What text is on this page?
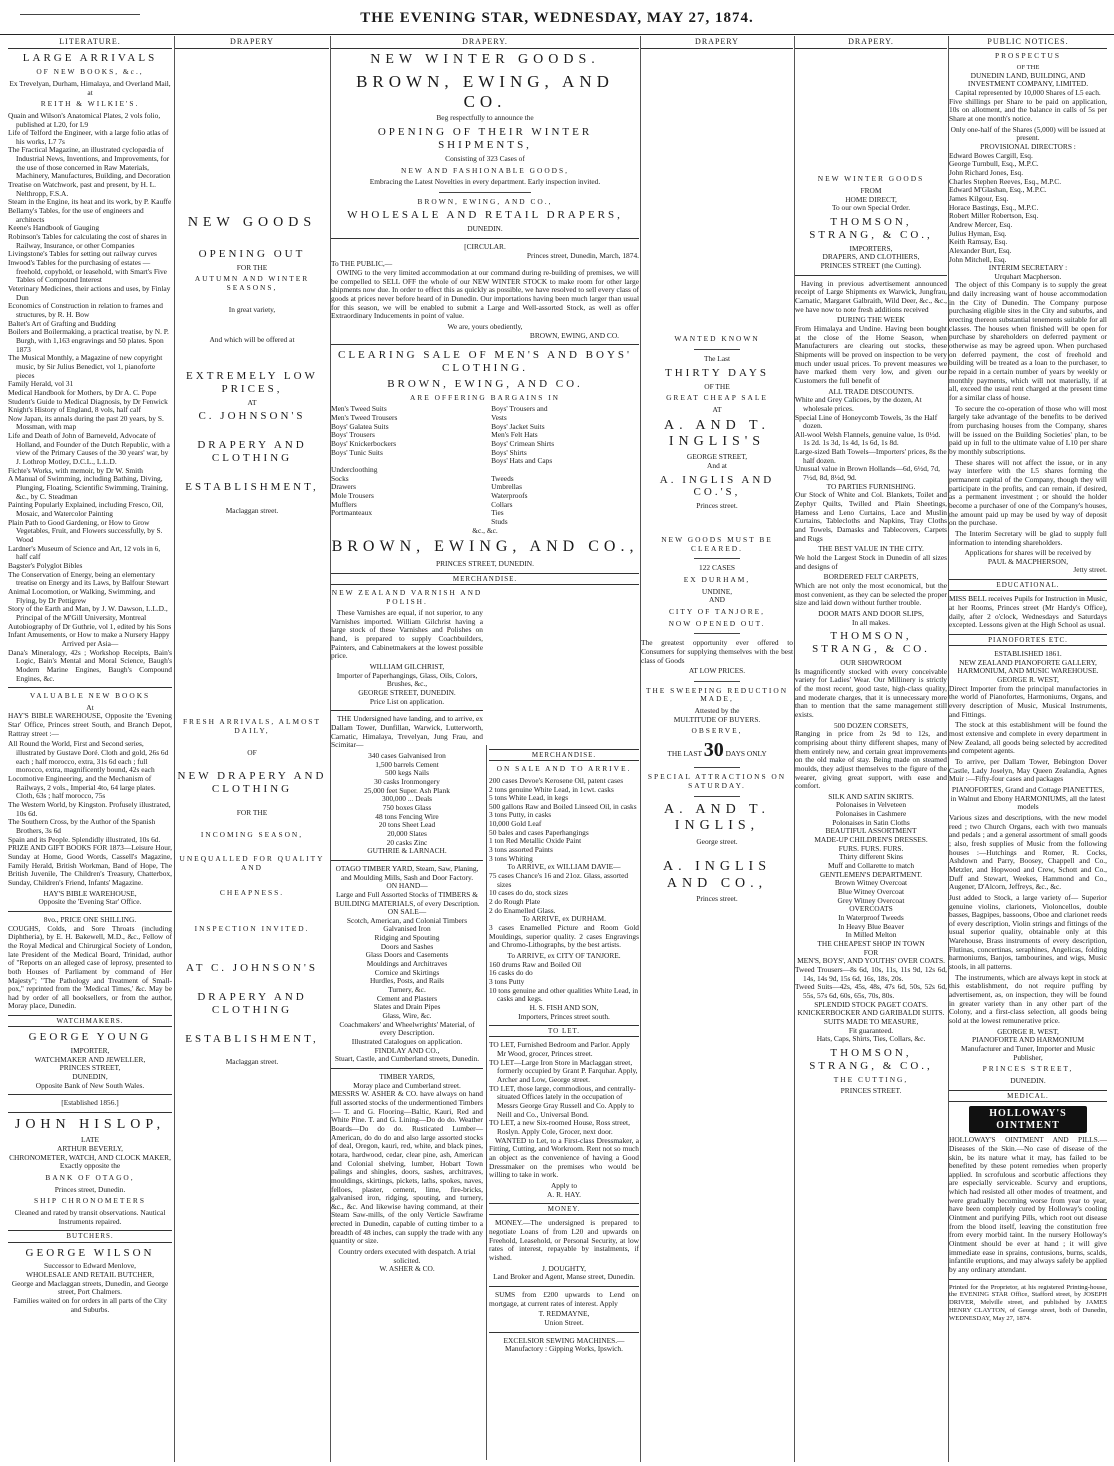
THE EVENING STAR, WEDNESDAY, MAY 27, 1874.
LITERATURE.
LARGE ARRIVALS
OF NEW BOOKS, &c.,
Ex Trevelyan, Durham, Himalaya, and Overland Mail, at
REITH & WILKIE'S.
Quain and Wilson's Anatomical Plates, 2 vols folio, published at L20, for L9
Life of Telford the Engineer, with a large folio atlas of his works, L7 7s
The Fractical Magazine, an illustrated cyclopædia of Industrial News, Inventions, and Improvements, for the use of those concerned in Raw Materials, Machinery, Manufactures, Building, and Decoration
Treatise on Watchwork, past and present, by H. L. Nelthropp, F.S.A.
Steam in the Engine, its heat and its work, by P. Kauffe
Bellamy's Tables, for the use of engineers and architects
Keene's Handbook of Gauging
Robinson's Tables for calculating the cost of shares in Railway, Insurance, or other Companies
Livingstone's Tables for setting out railway curves
Inwood's Tables for the purchasing of estates —freehold, copyhold, or leasehold, with Smart's Five Tables of Compound Interest
Veterinary Medicines, their actions and uses, by Finlay Dun
Economics of Construction in relation to frames and structures, by R. H. Bow
Baltet's Art of Grafting and Budding
Boilers and Boilermaking, a practical treatise, by N. P. Burgh, with 1,163 engravings and 50 plates. Spon 1873
The Musical Monthly, a Magazine of new copyright music, by Sir Julius Benedict, vol 1, pianoforte pieces
Family Herald, vol 31
Medical Handbook for Mothers, by Dr A. C. Pope
Student's Guide to Medical Diagnosis, by Dr Fenwick
Knight's History of England, 8 vols, half calf
Now Japan, its annals during the past 20 years, by S. Mossman, with map
Life and Death of John of Barneveld, Advocate of Holland, and Founder of the Dutch Republic, with a view of the Primary Causes of the 30 years' war, by J. Lothrop Motley, D.C.L., L.L.D.
Fichte's Works, with memoir, by Dr W. Smith
A Manual of Swimming, including Bathing, Diving, Plunging, Floating, Scientific Swimming, Training, &c., by C. Steadman
Painting Popularly Explained, including Fresco, Oil, Mosaic, and Watercolor Painting
Plain Path to Good Gardening, or How to Grow Vegetables, Fruit, and Flowers successfully, by S. Wood
Lardner's Museum of Science and Art, 12 vols in 6, half calf
Bagster's Polyglot Bibles
The Conservation of Energy, being an elementary treatise on Energy and its Laws, by Balfour Stewart
Animal Locomotion, or Walking, Swimming, and Flying, by Dr Pettigrew
Story of the Earth and Man, by J. W. Dawson, L.L.D., Principal of the M'Gill University, Montreal
Autobiography of Dr Guthrie, vol 1, edited by his Sons
Infant Amusements, or How to make a Nursery Happy
Arrived per Asia—

Dana's Mineralogy, 42s ; Workshop Receipts, Bain's Logic, Bain's Mental and Moral Science, Baugh's Modern Marine Engines, Baugh's Compound Engines, &c.

VALUABLE NEW BOOKS
At

HAY'S BIBLE WAREHOUSE, Opposite the 'Evening Star' Office, Princes street South, and Branch Depot, Rattray street :—

All Round the World, First and Second series, illustrated by Gustave Doré. Cloth and gold, 26s 6d each ; half morocco, extra, 31s 6d each ; full morocco, extra, magnificently bound, 42s each
Locomotive Engineering, and the Mechanism of Railways, 2 vols., Imperial 4to, 64 large plates. Cloth, 63s ; half morocco, 75s
The Western World, by Kingston. Profusely illustrated, 10s 6d.
The Southern Cross, by the Author of the Spanish Brothers, 3s 6d
Spain and its People. Splendidly illustrated, 10s 6d.

PRIZE AND GIFT BOOKS FOR 1873—Leisure Hour, Sunday at Home, Good Words, Cassell's Magazine, Family Herald, British Workman, Band of Hope, The British Juvenile, The Children's Treasury, Chatterbox, Sunday, Children's Friend, Infants' Magazine.

HAY'S BIBLE WAREHOUSE,
Opposite the 'Evening Star' Office.
8vo., PRICE ONE SHILLING.

COUGHS, Colds, and Sore Throats (including Diphtheria), by E. H. Bakewell, M.D., &c., Fellow of the Royal Medical and Chirurgical Society of London, late President of the Medical Board, Trinidad, author of "Reports on an alleged case of leprosy, presented to both Houses of Parliament by command of Her Majesty"; "The Pathology and Treatment of Small-pox," reprinted from the 'Medical Times,' &c. May be had by order of all booksellers, or from the author, Moray place, Dunedin.

WATCHMAKERS.
GEORGE YOUNG
IMPORTER,
WATCHMAKER AND JEWELLER,
PRINCES STREET,
DUNEDIN,
Opposite Bank of New South Wales.
[Established 1856.]
JOHN HISLOP,
LATE
ARTHUR BEVERLY,
CHRONOMETER, WATCH, AND CLOCK MAKER,
Exactly opposite the
BANK OF OTAGO,
Princes street, Dunedin.
SHIP CHRONOMETERS
Cleaned and rated by transit observations. Nautical Instruments repaired.
BUTCHERS.
GEORGE WILSON
Successor to Edward Menlove,
WHOLESALE AND RETAIL BUTCHER,
George and Maclaggan streets, Dunedin, and George street, Port Chalmers.
Families waited on for orders in all parts of the City and Suburbs.
DRAPERY
NEW GOODS
OPENING OUT
FOR THE
AUTUMN AND WINTER SEASONS,
In great variety,
And which will be offered at
EXTREMELY LOW PRICES,
AT
C. JOHNSON'S
DRAPERY AND CLOTHING
ESTABLISHMENT,
Maclaggan street.
FRESH ARRIVALS, ALMOST DAILY,
OF
NEW DRAPERY AND CLOTHING
FOR THE
INCOMING SEASON,
UNEQUALLED FOR QUALITY AND
CHEAPNESS.
INSPECTION INVITED.
AT C. JOHNSON'S
DRAPERY AND CLOTHING
ESTABLISHMENT,
Maclaggan street.
DRAPERY.
NEW WINTER GOODS.
BROWN, EWING, AND CO.
Beg respectfully to announce the
OPENING OF THEIR WINTER SHIPMENTS,
Consisting of 323 Cases of
NEW AND FASHIONABLE GOODS,
Embracing the Latest Novelties in every department. Early inspection invited.
BROWN, EWING, AND CO.,
WHOLESALE AND RETAIL DRAPERS,
DUNEDIN.
[CIRCULAR.
Princes street, Dunedin, March, 1874.
To THE PUBLIC,—

OWING to the very limited accommodation at our command during re-building of premises, we will be compelled to SELL OFF the whole of our NEW WINTER STOCK to make room for other large shipments now due. In order to effect this as quickly as possible, we have resolved to sell every class of goods at prices never before heard of in Dunedin. Our importations having been much larger than usual for this season, we will be enabled to submit a Large and Well-assorted Stock, as well as offer Extraordinary Inducements in point of value.

We are, yours obediently,
BROWN, EWING, AND CO.
CLEARING SALE OF MEN'S AND BOYS' CLOTHING.
BROWN, EWING, AND CO.
ARE OFFERING BARGAINS IN
Men's Tweed Suits
Men's Tweed Trousers
Boys' Galatea Suits
Boys' Trousers
Boys' Knickerbockers
Boys' Tunic Suits

Undercloothing
Socks
Drawers
Mole Trousers
Mufflers
Portmanteaux
Boys' Trousers and Vests
Boys' Jacket Suits
Men's Felt Hats
Boys' Crimean Shirts
Boys' Shirts
Boys' Hats and Caps

Tweeds
Umbrellas
Waterproofs
Collars
Ties
Studs
&c., &c.
BROWN, EWING, AND CO.,
PRINCES STREET, DUNEDIN.
MERCHANDISE.
NEW ZEALAND VARNISH AND POLISH.

These Varnishes are equal, if not superior, to any Varnishes imported. William Gilchrist having a large stock of these Varnishes and Polishes on hand, is prepared to supply Coachbuilders, Painters, and Cabinetmakers at the lowest possible price.

WILLIAM GILCHRIST,
Importer of Paperhangings, Glass, Oils, Colors, Brushes, &c.,
GEORGE STREET, DUNEDIN.
Price List on application.

THE Undersigned have landing, and to arrive, ex Dallam Tower, Dunfillan, Warwick, Lutterworth, Carnatic, Himalaya, Trevelyan, Jung Frau, and Scimitar—

340 cases Galvanised Iron
1,500 barrels Cement
500 kegs Nails
30 casks Ironmongery
25,000 feet Super. Ash Plank
300,000 ... Deals
750 boxes Glass
48 tons Fencing Wire
20 tons Sheet Lead
20,000 Slates
20 casks Zinc
GUTHRIE & LARNACH.
OTAGO TIMBER YARD, Steam, Saw, Planing, and Moulding Mills, Sash and Door Factory.
ON HAND—
Large and Full Assorted Stocks of TIMBERS & BUILDING MATERIALS, of every Description.
ON SALE—
Scotch, American, and Colonial Timbers Galvanised Iron
Ridging and Spouting
Doors and Sashes
Glass Doors and Casements
Mouldings and Architraves
Cornice and Skirtings
Hurdles, Posts, and Rails
Turnery, &c.
Cement and Plasters
Slates and Drain Pipes
Glass, Wire, &c.
Coachmakers' and Wheelwrights' Material, of every Description.
Illustrated Catalogues on application.
FINDLAY AND CO.,
Stuart, Castle, and Cumberland streets, Dunedin.
TIMBER YARDS,
Moray place and Cumberland street.

MESSRS W. ASHER & CO. have always on hand full assorted stocks of the undermentioned Timbers :— T. and G. Flooring—Baltic, Kauri, Red and White Pine. T. and G. Lining—Do do do. Weather Boards—Do do do. Rusticated Lumber—American, do do do and also large assorted stocks of deal, Oregon, kauri, red, white, and black pines, totara, hardwood, cedar, clear pine, ash, American and Colonial shelving, lumber, Hobart Town palings and shingles, doors, sashes, architraves, mouldings, skirtings, pickets, laths, spokes, naves, felloes, plaster, cement, lime, fire-bricks, galvanised iron, ridging, spouting, and turnery, &c., &c. And likewise having command, at their Steam Saw-mills, of the only Verticle Sawframe erected in Dunedin, capable of cutting timber to a breadth of 48 inches, can supply the trade with any quantity or size.

Country orders executed with despatch. A trial solicited.
W. ASHER & CO.
DRAPERY
WANTED KNOWN
The Last
THIRTY DAYS
OF THE
GREAT CHEAP SALE
AT
A. AND T. INGLIS'S
GEORGE STREET,
And at
A. INGLIS AND CO.'S,
Princes street.
NEW GOODS MUST BE CLEARED.
122 CASES
EX DURHAM,
UNDINE,
AND
CITY OF TANJORE,
NOW OPENED OUT.

The greatest opportunity ever offered to Consumers for supplying themselves with the best class of Goods

AT LOW PRICES.
THE SWEEPING REDUCTION MADE,
Attested by the
MULTITUDE OF BUYERS.
OBSERVE,
THE LAST 30 DAYS ONLY
SPECIAL ATTRACTIONS ON SATURDAY.
A. AND T. INGLIS,
George street.
A. INGLIS AND CO.,
Princes street.
MERCHANDISE.
ON SALE AND TO ARRIVE.
200 cases Devoe's Kerosene Oil, patent cases
2 tons genuine White Lead, in 1cwt. casks
5 tons White Lead, in kegs
500 gallons Raw and Boiled Linseed Oil, in casks
3 tons Putty, in casks
10,000 Gold Leaf
50 bales and cases Paperhangings
1 ton Red Metallic Oxide Paint
3 tons assorted Paints
3 tons Whiting
To ARRIVE, ex WILLIAM DAVIE—
75 cases Chance's 16 and 21oz. Glass, assorted sizes
10 cases do do, stock sizes
2 do Rough Plate
2 do Enamelled Glass.
To ARRIVE, ex DURHAM.

3 cases Enamelled Picture and Room Gold Mouldings, superior quality. 2 cases Engravings and Chromo-Lithographs, by the best artists.

To ARRIVE, ex CITY OF TANJORE.
160 drums Raw and Boiled Oil
16 casks do do
3 tons Putty
10 tons genuine and other qualities White Lead, in casks and kegs.
H. S. FISH AND SON,
Importers, Princes street south.
TO LET.
TO LET, Furnished Bedroom and Parlor. Apply Mr Wood, grocer, Princes street.
TO LET—Large Iron Store in Maclaggan street, formerly occupied by Grant P. Farquhar. Apply, Archer and Low, George street.
TO LET, those large, commodious, and centrally-situated Offices lately in the occupation of Messrs George Gray Russell and Co. Apply to Neill and Co., Universal Bond.
TO LET, a new Six-roomed House, Ross street, Roslyn. Apply Cole, Grocer, next door.

WANTED to Let, to a First-class Dressmaker, a Fitting, Cutting, and Workroom. Rent not so much an object as the convenience of having a Good Dressmaker on the premises who would be willing to take in work.

Apply to
A. R. HAY.
MONEY.

MONEY.—The undersigned is prepared to negotiate Loans of from L20 and upwards on Freehold, Leasehold, or Personal Security, at low rates of interest, repayable by instalments, if wished.

J. DOUGHTY,
Land Broker and Agent, Manse street, Dunedin.

SUMS from £200 upwards to Lend on mortgage, at current rates of interest. Apply

T. REDMAYNE,
Union Street.
EXCELSIOR SEWING MACHINES.—
Manufactory : Gipping Works, Ipswich.
DRAPERY.
NEW WINTER GOODS
FROM
HOME DIRECT,
To our own Special Order.
THOMSON, STRANG, & CO.,
IMPORTERS,
DRAPERS, AND CLOTHIERS,
PRINCES STREET (the Cutting).

Having in previous advertisement announced receipt of Large Shipments ex Warwick, Jungfrau, Carnatic, Margaret Galbraith, Wild Deer, &c., &c., we have now to note fresh additions received

DURING THE WEEK

From Himalaya and Undine. Having been bought at the close of the Home Season, when Manufacturers are clearing out stocks, these Shipments will be proved on inspection to be very much under usual prices. To prevent measures we have marked them very low, and given our Customers the full benefit of

ALL TRADE DISCOUNTS.
White and Grey Calicoes, by the dozen, At wholesale prices.
Special Line of Honeycomb Towels, 3s the Half dozen.
All-wool Welsh Flannels, genuine value, 1s 0½d. 1s 2d. 1s 3d, 1s 4d, 1s 6d, 1s 8d.
Large-sized Bath Towels—Importers' prices, 8s the half dozen.
Unusual value in Brown Hollands—6d, 6½d, 7d, 7½d, 8d, 8½d, 9d.
TO PARTIES FURNISHING.

Our Stock of White and Col. Blankets, Toilet and Zephyr Quilts, Twilled and Plain Sheetings, Hamess and Leno Curtains, Lace and Muslin Curtains, Tablecloths and Napkins, Tray Cloths and Towels, Damasks and Tablecovers, Carpets and Rugs

THE BEST VALUE IN THE CITY.

We hold the Largest Stock in Dunedin of all sizes and designs of

BORDERED FELT CARPETS,

Which are not only the most economical, but the most convenient, as they can be selected the proper size and laid down without further trouble.

DOOR MATS AND DOOR SLIPS,
In all makes.
THOMSON, STRANG, & CO.
OUR SHOWROOM

Is magnificently stocked with every conceivable variety for Ladies' Wear. Our Millinery is strictly of the most recent, good taste, high-class quality, and moderate charges, that it is unnecessary more than to mention that the same management still exists.

500 DOZEN CORSETS,

Ranging in price from 2s 9d to 12s, and comprising about thirty different shapes, many of them entirely new, and certain great improvements on the old make of stay. Being made on steamed moulds, they adjust themselves to the figure of the wearer, giving great support, with ease and comfort.

SILK AND SATIN SKIRTS.
Polonaises in Velveteen
Polonaises in Cashmere
Polonaises in Satin Cloths
BEAUTIFUL ASSORTMENT
MADE-UP CHILDREN'S DRESSES.
FURS. FURS. FURS.
Thirty different Skins
Muff and Collarette to match
GENTLEMEN'S DEPARTMENT.
Brown Witney Overcoat
Blue Witney Overcoat
Grey Witney Overcoat
OVERCOATS
In Waterproof Tweeds
In Heavy Blue Beaver
In Milled Melton
THE CHEAPEST SHOP IN TOWN
FOR
MEN'S, BOYS', AND YOUTHS' OVER COATS.

Tweed Trousers—8s 6d, 10s, 11s, 11s 9d, 12s 6d, 14s, 14s 9d, 15s 6d, 16s, 18s, 20s.

Tweed Suits—42s, 45s, 48s, 47s 6d, 50s, 52s 6d, 55s, 57s 6d, 60s, 65s, 70s, 80s.

SPLENDID STOCK PAGET COATS.
KNICKERBOCKER AND GARIBALDI SUITS.
SUITS MADE TO MEASURE,
Fit guaranteed.
Hats, Caps, Shirts, Ties, Collars, &c.
THOMSON, STRANG, & CO.,
THE CUTTING,
PRINCES STREET.
PUBLIC NOTICES.
PROSPECTUS
OF THE
DUNEDIN LAND, BUILDING, AND INVESTMENT COMPANY, LIMITED.
Capital represented by 10,000 Shares of L5 each.

Five shillings per Share to be paid on application, 10s on allotment, and the balance in calls of 5s per Share at one month's notice.

Only one-half of the Shares (5,000) will be issued at present.
PROVISIONAL DIRECTORS :
Edward Bowes Cargill, Esq.
George Turnbull, Esq., M.P.C.
John Richard Jones, Esq.
Charles Stephen Reeves, Esq., M.P.C.
Edward M'Glashan, Esq., M.P.C.
James Kilgour, Esq.
Horace Bastings, Esq., M.P.C.
Robert Miller Robertson, Esq.
Andrew Mercer, Esq.
Julius Hyman, Esq.
Keith Ramsay, Esq.
Alexander Burt, Esq.
John Mitchell, Esq.
INTERIM SECRETARY :
Urquhart Macpherson.

The object of this Company is to supply the great and daily increasing want of house accommodation in the City of Dunedin. The Company purpose purchasing eligible sites in the City and suburbs, and erecting thereon substantial tenements suitable for all classes. The houses when finished will be open for purchase by shareholders on deferred payment or otherwise as may be agreed upon. When purchased on deferred payment, the cost of freehold and building will be treated as a loan to the purchaser, to be repaid in a certain number of years by weekly or monthly payments, which will not materially, if at all, exceed the usual rent charged at the present time for a similar class of house.

To secure the co-operation of those who will most largely take advantage of the benefits to be derived from purchasing houses from the Company, shares will be issued on the Building Societies' plan, to be paid up in full to the ultimate value of L10 per share by monthly subscriptions.

These shares will not affect the issue, or in any way interfere with the L5 shares forming the permanent capital of the Company, though they will participate in the profits, and can remain, if desired, as a permanent investment ; or should the holder become a purchaser of one of the Company's houses, the amount paid up may be used by way of deposit on the purchase.

The Interim Secretary will be glad to supply full information to intending shareholders.

Applications for shares will be received by
PAUL & MACPHERSON,
Jetty street.
EDUCATIONAL.

MISS BELL receives Pupils for Instruction in Music, at her Rooms, Princes street (Mr Hardy's Office), daily, after 2 o'clock, Wednesdays and Saturdays excepted. Lessons given at the High School as usual.

PIANOFORTES ETC.
ESTABLISHED 1861.
NEW ZEALAND PIANOFORTE GALLERY, HARMONIUM, AND MUSIC WAREHOUSE.
GEORGE R. WEST,

Direct Importer from the principal manufactories in the world of Pianofortes, Harmoniums, Organs, and every description of Music, Musical Instruments, and Fittings.

The stock at this establishment will be found the most extensive and complete in every department in New Zealand, all goods being selected by accredited and competent agents.

To arrive, per Dallam Tower, Bebington Dover Castle, Lady Joselyn, May Queen Zealandia, Agnes Muir :—Fifty-four cases and packages

PIANOFORTES, Grand and Cottage PIANETTES, in Walnut and Ebony HARMONIUMS, all the latest models

Various sizes and descriptions, with the new model reed ; two Church Organs, each with two manuals and pedals ; and a general assortment of small goods ; also, fresh supplies of Music from the following houses :—Hutchings and Romer, R. Cocks, Ashdown and Parry, Boosey, Chappell and Co., Metzler, and Hopwood and Crew, Schott and Co., Duff and Stewart, Weekes, Hammond and Co., Augener, D'Alcorn, Jeffreys, &c., &c.

Just added to Stock, a large variety of— Superior genuine violins, clarionets, Violoncellos, double basses, Bagpipes, bassoons, Oboe and clarionet reeds of every description, Violin strings and fittings of the usual superior quality, obtainable only at this Warehouse, Brass instruments of every description, Flutinas, concertinas, seraphines, Angelicas, folding harmoniums, Banjos, tambourines, and wigs, Music stools, in all patterns.

The instruments, which are always kept in stock at this establishment, do not require puffing by advertisement, as, on inspection, they will be found in greater variety than in any other part of the Colony, and a first-class selection, all goods being sold at the lowest remunerative price.

GEORGE R. WEST,
PIANOFORTE AND HARMONIUM
Manufacturer and Tuner, Importer and Music Publisher,
PRINCES STREET,
DUNEDIN.
MEDICAL.
HOLLOWAY'S OINTMENT

HOLLOWAY'S OINTMENT AND PILLS.—Diseases of the Skin.—No case of disease of the skin, be its nature what it may, has failed to be benefited by these potent remedies when properly applied. In scrofulous and scorbutic affections they are especially serviceable. Scurvy and eruptions, which had resisted all other modes of treatment, and were gradually becoming worse from year to year, have been completely cured by Holloway's cooling Ointment and purifying Pills, which root out disease from the blood itself, leaving the constitution free from every morbid taint. In the nursery Holloway's Ointment should be ever at hand ; it will give immediate ease in sprains, contusions, burns, scalds, infantile eruptions, and may always safely be applied by any ordinary attendant.

Printed for the Proprietor, at his registered Printing-house, the EVENING STAR Office, Stafford street, by JOSEPH DRIVER, Melville street, and published by JAMES HENRY CLAYTON, of George street, both of Dunedin, WEDNESDAY, May 27, 1874.
